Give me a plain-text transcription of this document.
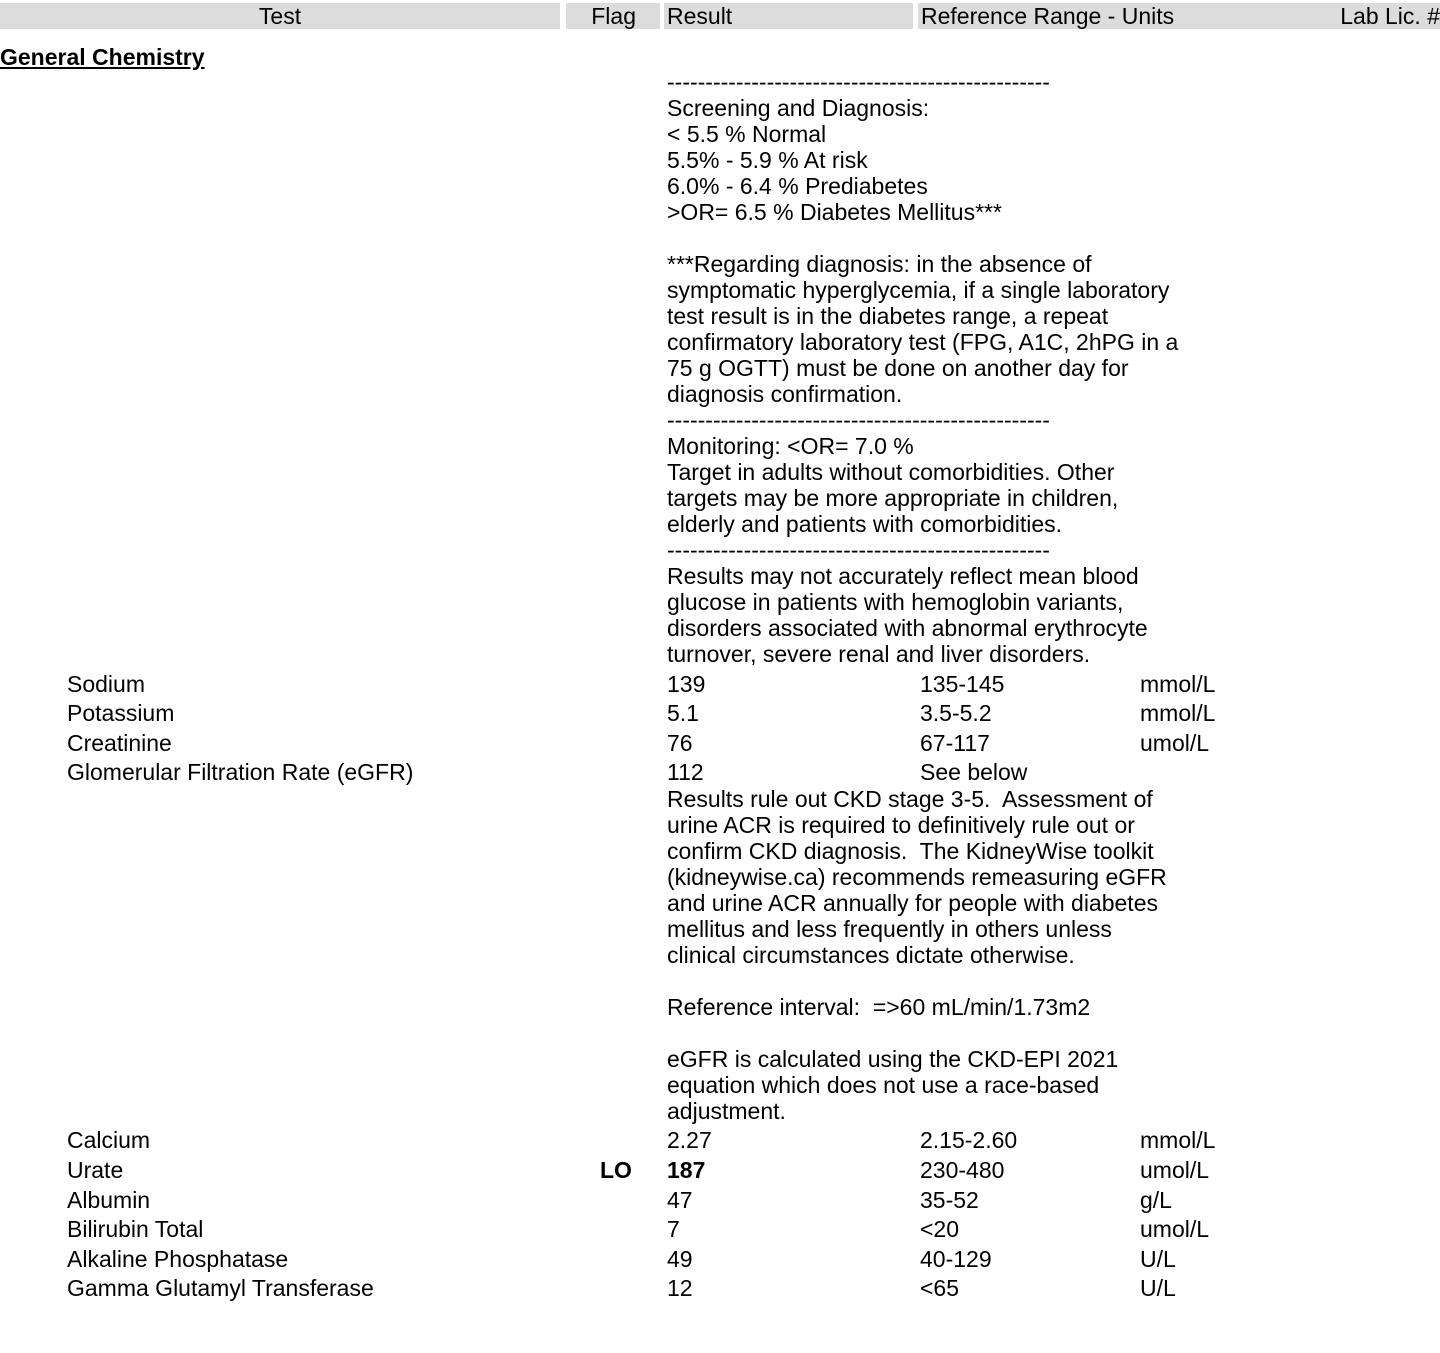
Test	Flag	Result	Reference Range - Units	Lab Lic. #
General Chemistry
--------------------------------------------------
Screening and Diagnosis:
< 5.5 % Normal
5.5% - 5.9 % At risk
6.0% - 6.4 % Prediabetes
>OR= 6.5 % Diabetes Mellitus***

***Regarding diagnosis: in the absence of
symptomatic hyperglycemia, if a single laboratory
test result is in the diabetes range, a repeat
confirmatory laboratory test (FPG, A1C, 2hPG in a
75 g OGTT) must be done on another day for
diagnosis confirmation.
--------------------------------------------------
Monitoring: <OR= 7.0 %
Target in adults without comorbidities. Other
targets may be more appropriate in children,
elderly and patients with comorbidities.
--------------------------------------------------
Results may not accurately reflect mean blood
glucose in patients with hemoglobin variants,
disorders associated with abnormal erythrocyte
turnover, severe renal and liver disorders.
Sodium	139	135-145	mmol/L
Potassium	5.1	3.5-5.2	mmol/L
Creatinine	76	67-117	umol/L
Glomerular Filtration Rate (eGFR)	112	See below
Results rule out CKD stage 3-5.  Assessment of
urine ACR is required to definitively rule out or
confirm CKD diagnosis.  The KidneyWise toolkit
(kidneywise.ca) recommends remeasuring eGFR
and urine ACR annually for people with diabetes
mellitus and less frequently in others unless
clinical circumstances dictate otherwise.

Reference interval:  =>60 mL/min/1.73m2

eGFR is calculated using the CKD-EPI 2021
equation which does not use a race-based
adjustment.
Calcium	2.27	2.15-2.60	mmol/L
Urate	LO 187	230-480	umol/L
Albumin	47	35-52	g/L
Bilirubin Total	7	<20	umol/L
Alkaline Phosphatase	49	40-129	U/L
Gamma Glutamyl Transferase	12	<65	U/L
